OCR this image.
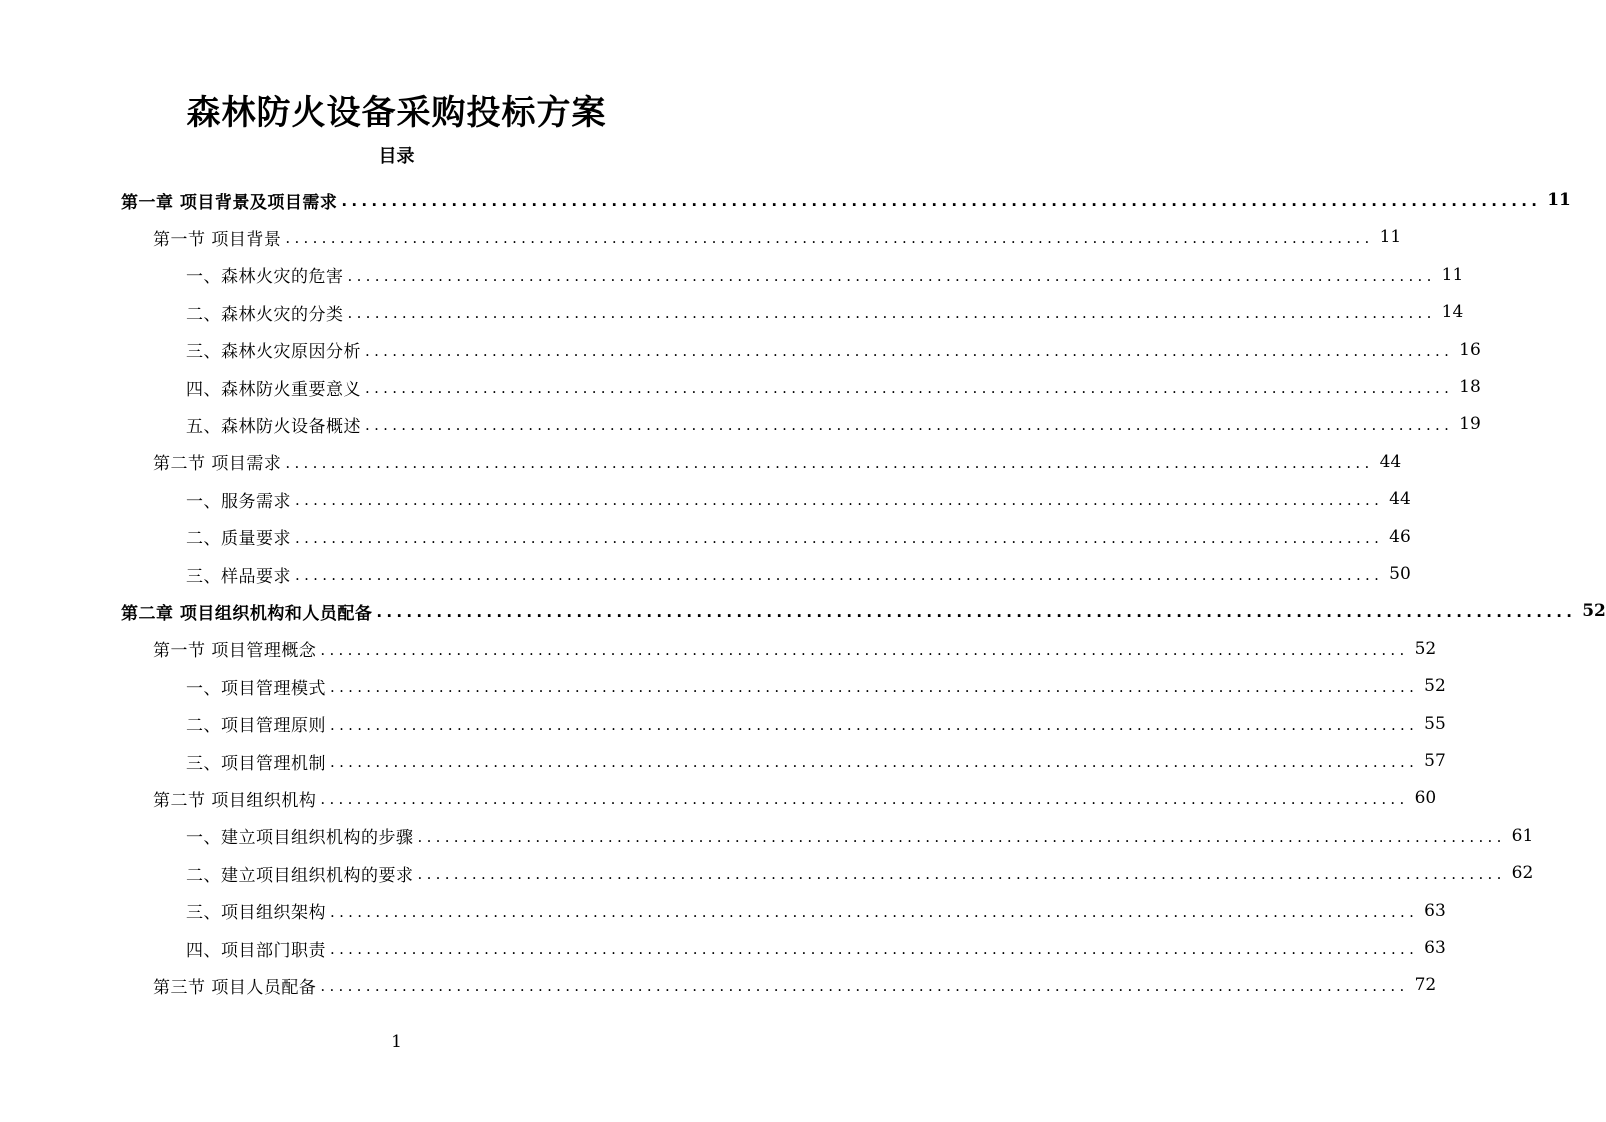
森林防火设备采购投标方案
目录
第一章 项目背景及项目需求 ........................................................................................................................ 11
第一节 项目背景 ........................................................................................................................ 11
一、森林火灾的危害 ........................................................................................................................ 11
二、森林火灾的分类 ........................................................................................................................ 14
三、森林火灾原因分析 ........................................................................................................................ 16
四、森林防火重要意义 ........................................................................................................................ 18
五、森林防火设备概述 ........................................................................................................................ 19
第二节 项目需求 ........................................................................................................................ 44
一、服务需求 ........................................................................................................................ 44
二、质量要求 ........................................................................................................................ 46
三、样品要求 ........................................................................................................................ 50
第二章 项目组织机构和人员配备 ........................................................................................................................ 52
第一节 项目管理概念 ........................................................................................................................ 52
一、项目管理模式 ........................................................................................................................ 52
二、项目管理原则 ........................................................................................................................ 55
三、项目管理机制 ........................................................................................................................ 57
第二节 项目组织机构 ........................................................................................................................ 60
一、建立项目组织机构的步骤 ........................................................................................................................ 61
二、建立项目组织机构的要求 ........................................................................................................................ 62
三、项目组织架构 ........................................................................................................................ 63
四、项目部门职责 ........................................................................................................................ 63
第三节 项目人员配备 ........................................................................................................................ 72
1
